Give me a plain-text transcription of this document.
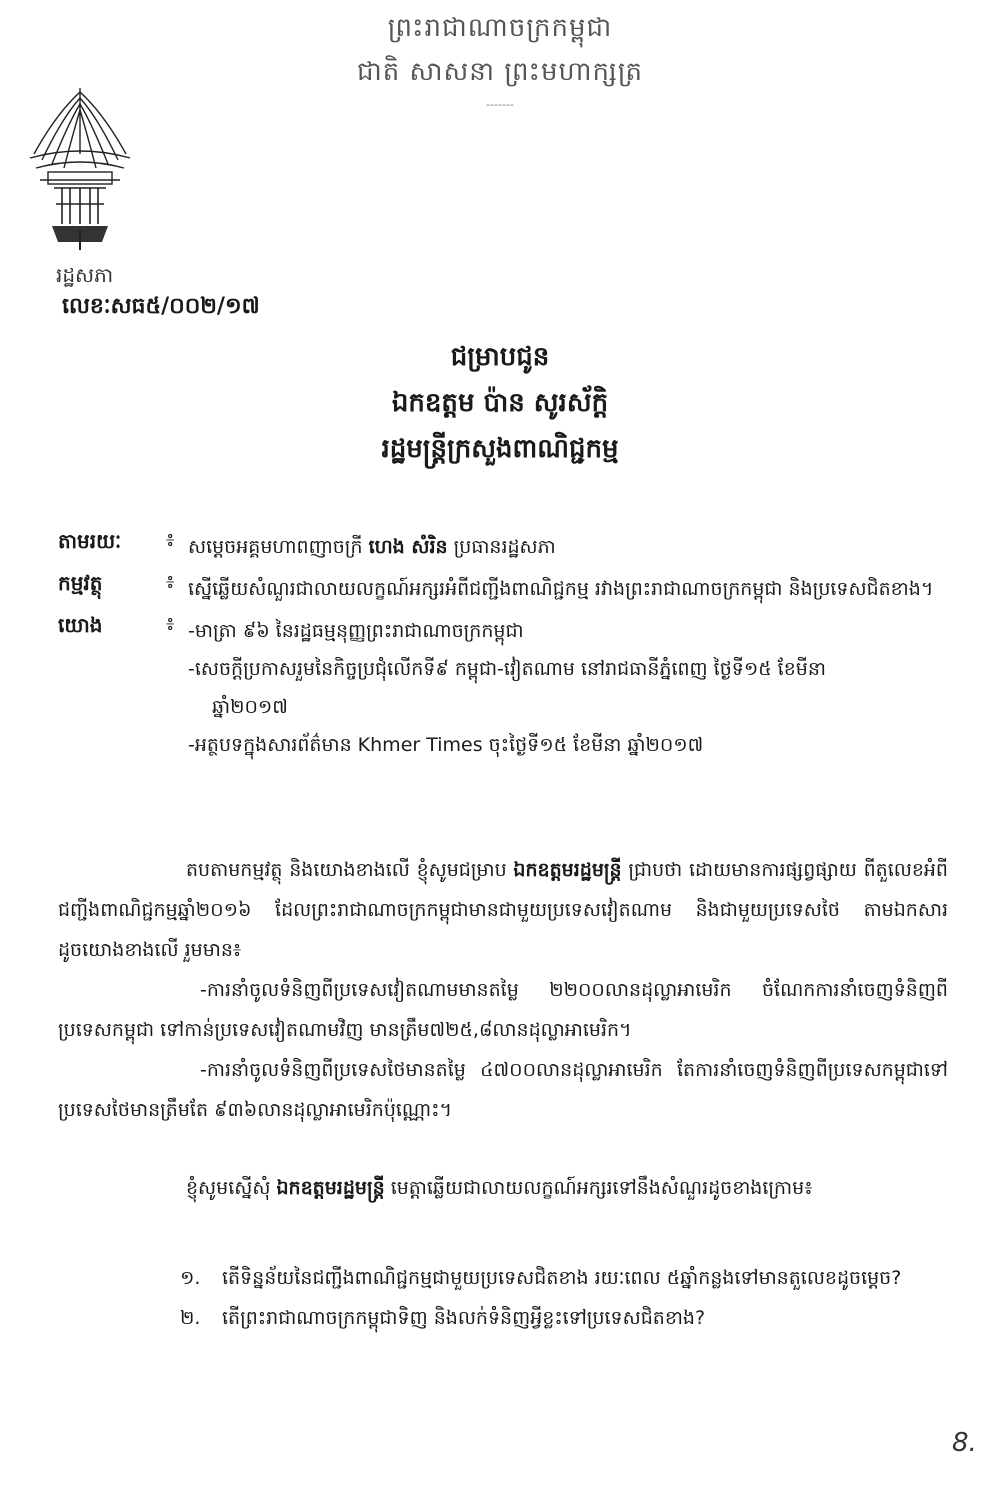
ព្រះរាជាណាចក្រកម្ពុជា
ជាតិ សាសនា ព្រះមហាក្សត្រ
-------
រដ្ឋសភា
លេខៈសធ៥/០០២/១៧
ជម្រាបជូន
ឯកឧត្តម ប៉ាន សូរស័ក្តិ
រដ្ឋមន្ត្រីក្រសួងពាណិជ្ជកម្ម
តាមរយៈ	៖ សម្តេចអគ្គមហាពញាចក្រី ហេង សំរិន ប្រធានរដ្ឋសភា
កម្មវត្ថុ	៖ ស្នើឆ្លើយសំណួរជាលាយលក្ខណ៍អក្សរអំពីជញ្ជីងពាណិជ្ជកម្ម រវាងព្រះរាជាណាចក្រកម្ពុជា និងប្រទេសជិតខាង។
យោង	៖ -មាត្រា ៩៦ នៃរដ្ឋធម្មនុញ្ញព្រះរាជាណាចក្រកម្ពុជា
-សេចក្តីប្រកាសរួមនៃកិច្ចប្រជុំលើកទី៩ កម្ពុជា-វៀតណាម នៅរាជធានីភ្នំពេញ ថ្ងៃទី១៥ ខែមីនា
ឆ្នាំ២០១៧
-អត្ថបទក្នុងសារព័ត៌មាន Khmer Times ចុះថ្ងៃទី១៥ ខែមីនា ឆ្នាំ២០១៧

តបតាមកម្មវត្ថុ និងយោងខាងលើ ខ្ញុំសូមជម្រាប ឯកឧត្តមរដ្ឋមន្ត្រី ជ្រាបថា ដោយមានការផ្សព្វផ្សាយ ពីតួលេខអំពីជញ្ជីងពាណិជ្ជកម្មឆ្នាំ២០១៦ ដែលព្រះរាជាណាចក្រកម្ពុជាមានជាមួយប្រទេសវៀតណាម និងជាមួយប្រទេសថៃ តាមឯកសារដូចយោងខាងលើ រួមមាន៖

-ការនាំចូលទំនិញពីប្រទេសវៀតណាមមានតម្លៃ ២២០០លានដុល្លាអាមេរិក ចំណែកការនាំចេញទំនិញពីប្រទេសកម្ពុជា ទៅកាន់ប្រទេសវៀតណាមវិញ មានត្រឹម៧២៥,៨លានដុល្លាអាមេរិក។

-ការនាំចូលទំនិញពីប្រទេសថៃមានតម្លៃ ៤៧០០លានដុល្លាអាមេរិក តែការនាំចេញទំនិញពីប្រទេសកម្ពុជាទៅប្រទេសថៃមានត្រឹមតែ ៩៣៦លានដុល្លាអាមេរិកប៉ុណ្ណោះ។

ខ្ញុំសូមស្នើសុំ ឯកឧត្តមរដ្ឋមន្ត្រី មេត្តាឆ្លើយជាលាយលក្ខណ៍អក្សរទៅនឹងសំណួរដូចខាងក្រោម៖

១.	តើទិន្នន័យនៃជញ្ជីងពាណិជ្ជកម្មជាមួយប្រទេសជិតខាង រយៈពេល ៥ឆ្នាំកន្លងទៅមានតួលេខដូចម្តេច?
២.	តើព្រះរាជាណាចក្រកម្ពុជាទិញ និងលក់ទំនិញអ្វីខ្លះទៅប្រទេសជិតខាង?
8.
